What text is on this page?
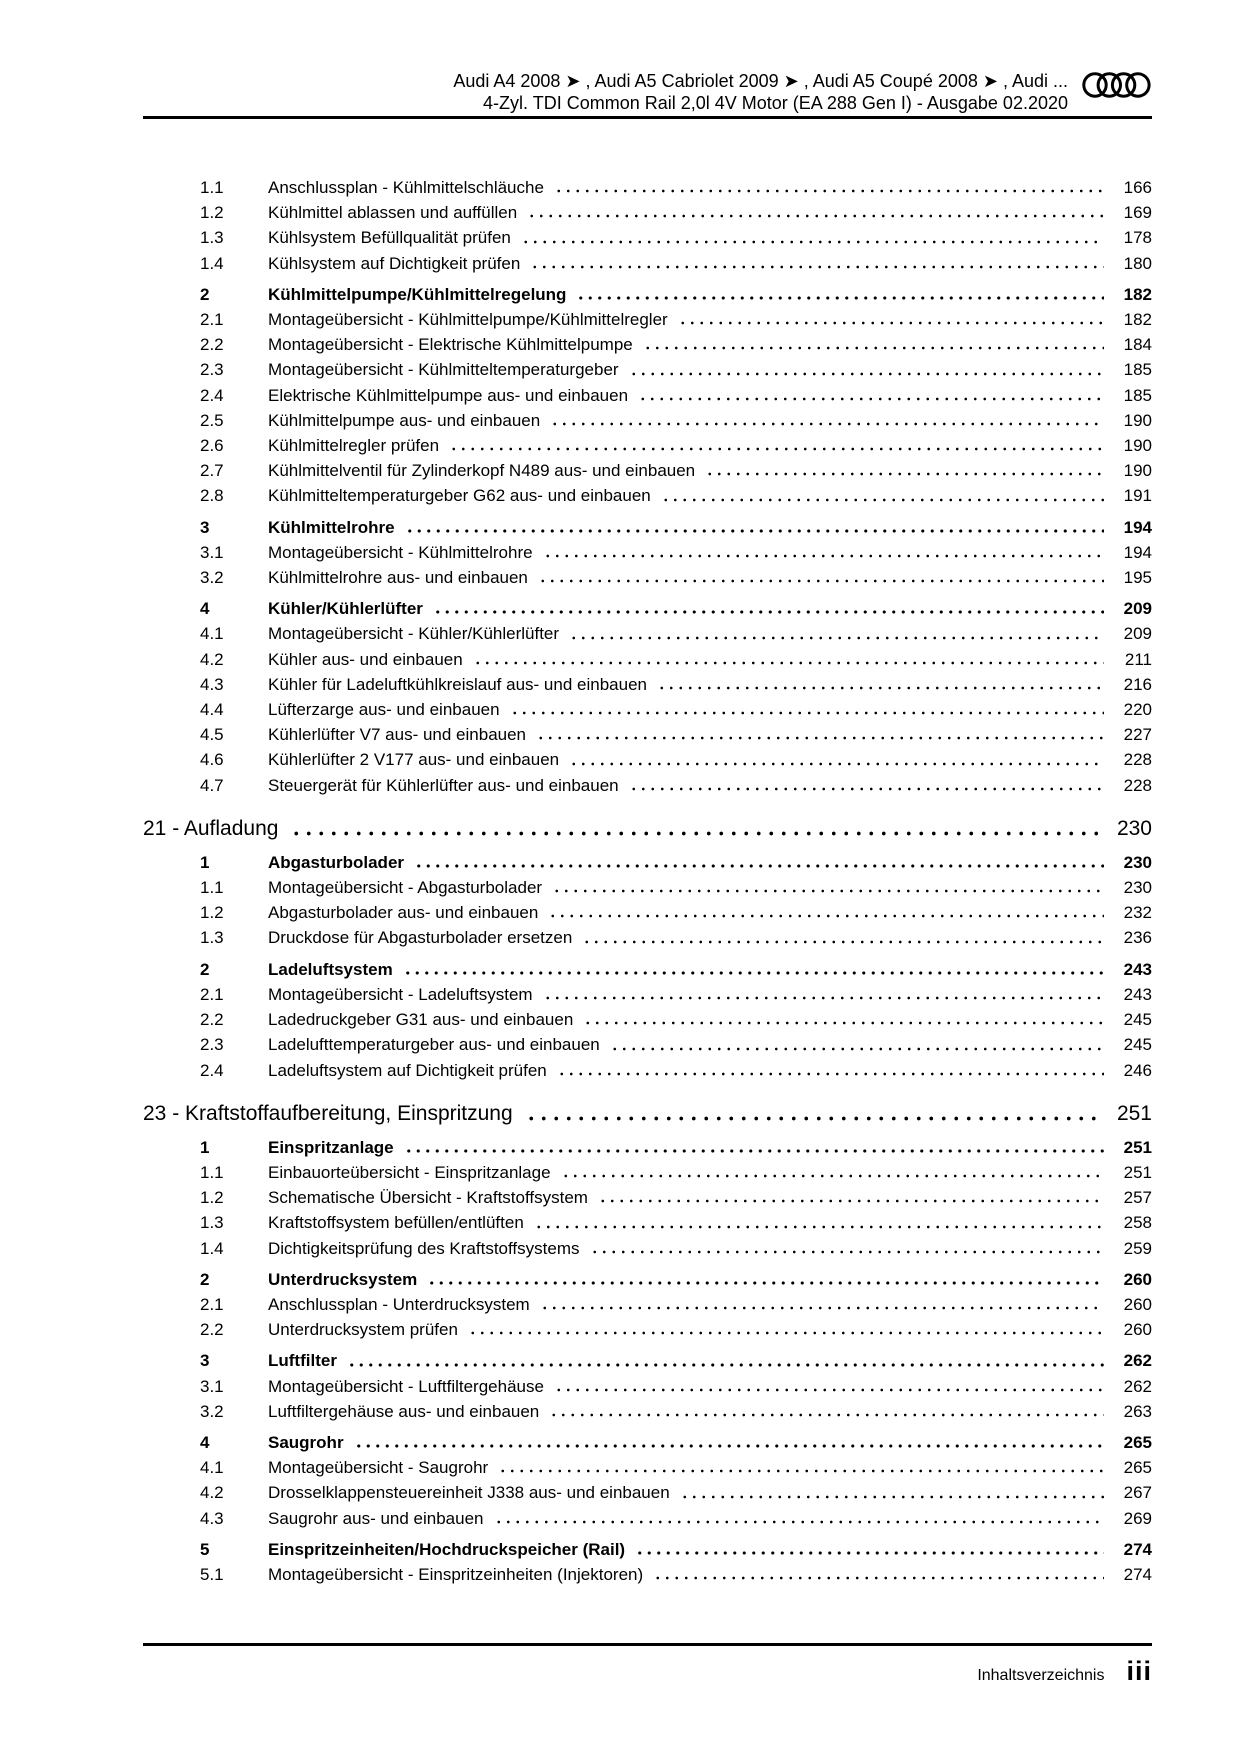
Audi A4 2008 ➤ , Audi A5 Cabriolet 2009 ➤ , Audi A5 Coupé 2008 ➤ , Audi ...
4-Zyl. TDI Common Rail 2,0l 4V Motor (EA 288 Gen I) - Ausgabe 02.2020
1.1	Anschlussplan - Kühlmittelschläuche	166
1.2	Kühlmittel ablassen und auffüllen	169
1.3	Kühlsystem Befüllqualität prüfen	178
1.4	Kühlsystem auf Dichtigkeit prüfen	180
2	Kühlmittelpumpe/Kühlmittelregelung	182
2.1	Montageübersicht - Kühlmittelpumpe/Kühlmittelregler	182
2.2	Montageübersicht - Elektrische Kühlmittelpumpe	184
2.3	Montageübersicht - Kühlmitteltemperaturgeber	185
2.4	Elektrische Kühlmittelpumpe aus- und einbauen	185
2.5	Kühlmittelpumpe aus- und einbauen	190
2.6	Kühlmittelregler prüfen	190
2.7	Kühlmittelventil für Zylinderkopf N489 aus- und einbauen	190
2.8	Kühlmitteltemperaturgeber G62 aus- und einbauen	191
3	Kühlmittelrohre	194
3.1	Montageübersicht - Kühlmittelrohre	194
3.2	Kühlmittelrohre aus- und einbauen	195
4	Kühler/Kühlerlüfter	209
4.1	Montageübersicht - Kühler/Kühlerlüfter	209
4.2	Kühler aus- und einbauen	211
4.3	Kühler für Ladeluftkühlkreislauf aus- und einbauen	216
4.4	Lüfterzarge aus- und einbauen	220
4.5	Kühlerlüfter V7 aus- und einbauen	227
4.6	Kühlerlüfter 2 V177 aus- und einbauen	228
4.7	Steuergerät für Kühlerlüfter aus- und einbauen	228
21 - Aufladung	230
1	Abgasturbolader	230
1.1	Montageübersicht - Abgasturbolader	230
1.2	Abgasturbolader aus- und einbauen	232
1.3	Druckdose für Abgasturbolader ersetzen	236
2	Ladeluftsystem	243
2.1	Montageübersicht - Ladeluftsystem	243
2.2	Ladedruckgeber G31 aus- und einbauen	245
2.3	Ladelufttemperaturgeber aus- und einbauen	245
2.4	Ladeluftsystem auf Dichtigkeit prüfen	246
23 - Kraftstoffaufbereitung, Einspritzung	251
1	Einspritzanlage	251
1.1	Einbauorteübersicht - Einspritzanlage	251
1.2	Schematische Übersicht - Kraftstoffsystem	257
1.3	Kraftstoffsystem befüllen/entlüften	258
1.4	Dichtigkeitsprüfung des Kraftstoffsystems	259
2	Unterdrucksystem	260
2.1	Anschlussplan - Unterdrucksystem	260
2.2	Unterdrucksystem prüfen	260
3	Luftfilter	262
3.1	Montageübersicht - Luftfiltergehäuse	262
3.2	Luftfiltergehäuse aus- und einbauen	263
4	Saugrohr	265
4.1	Montageübersicht - Saugrohr	265
4.2	Drosselklappensteuereinheit J338 aus- und einbauen	267
4.3	Saugrohr aus- und einbauen	269
5	Einspritzeinheiten/Hochdruckspeicher (Rail)	274
5.1	Montageübersicht - Einspritzeinheiten (Injektoren)	274
Inhaltsverzeichnis iii
